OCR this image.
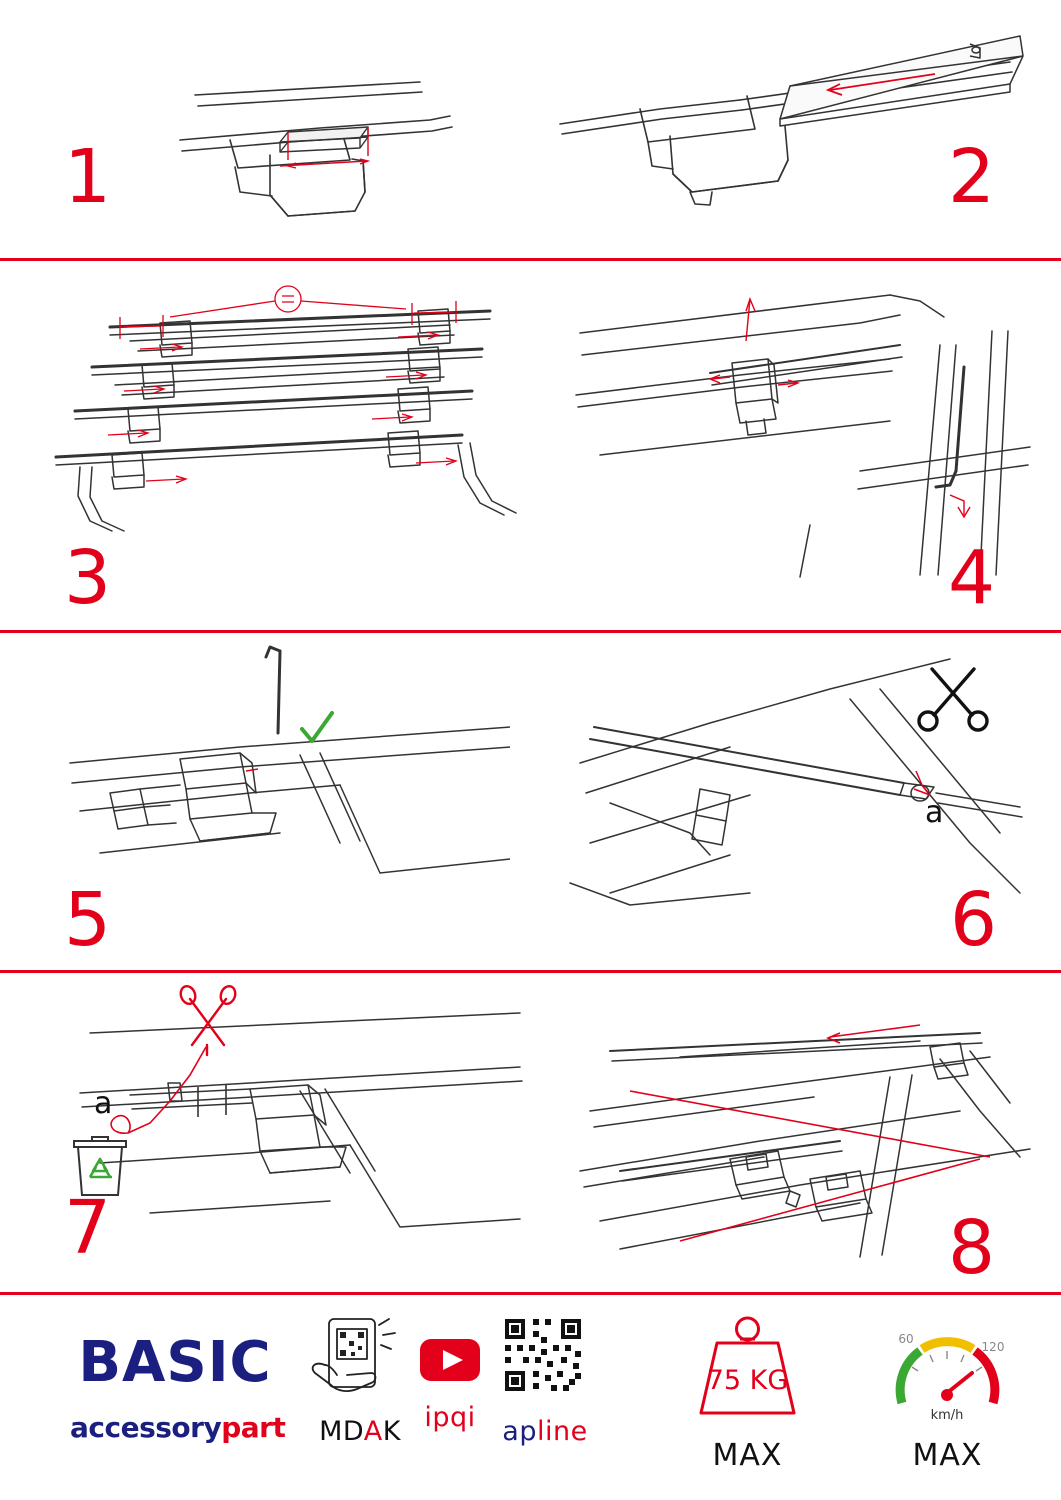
1	2
3	4
5
a
6
a
7	8
BASIC
accessorypart	MDAK ipqi apline
75 KG
MAX
60
120
km/h
MAX
